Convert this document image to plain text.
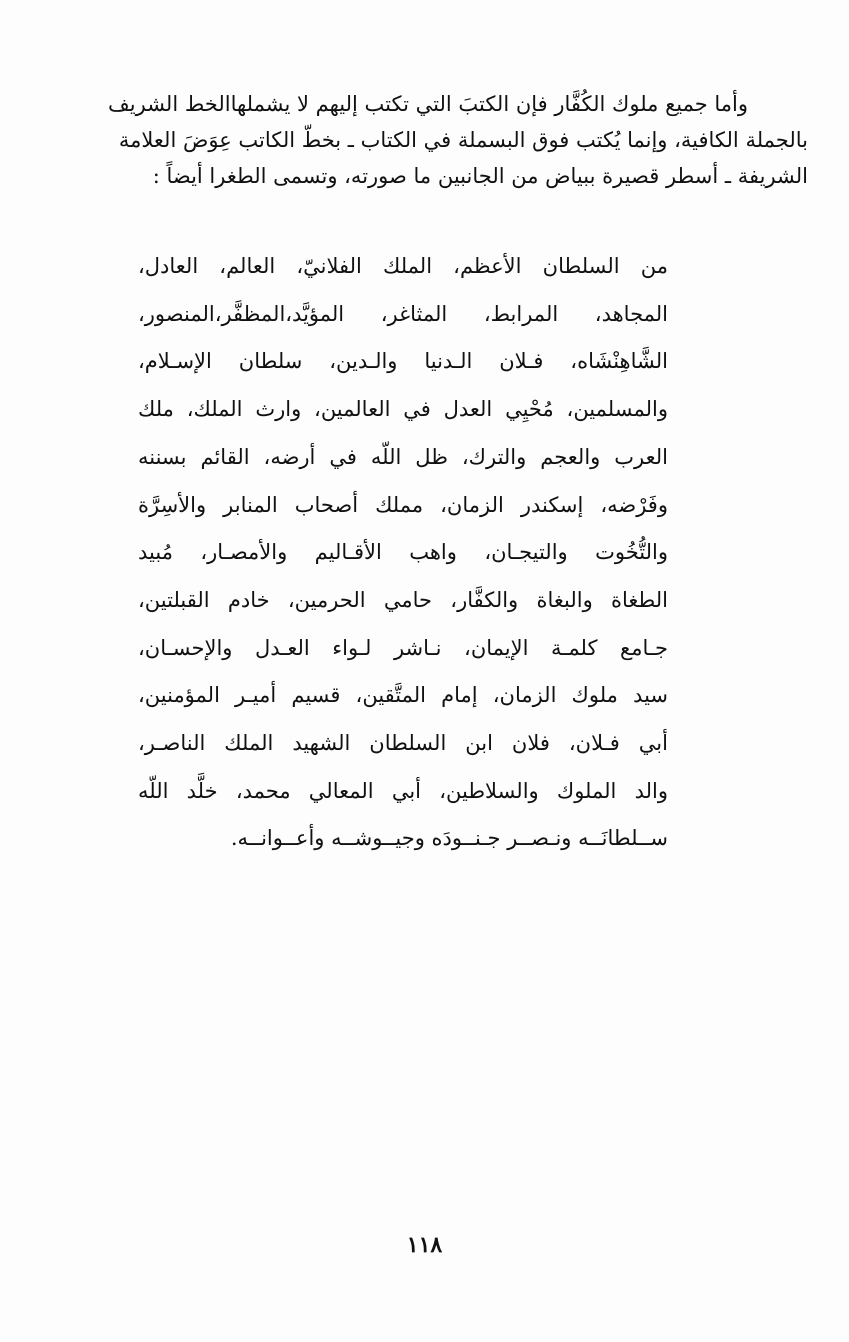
وأما جميع ملوك الكُفَّار فإن الكتبَ التي تكتب إليهم لا يشملهاالخط الشريف
بالجملة الكافية، وإنما يُكتب فوق البسملة في الكتاب ـ بخطّ الكاتب عِوَضَ العلامة
الشريفة ـ أسطر قصيرة ببياض من الجانبين ما صورته، وتسمى الطغرا أيضاً :
من السلطان الأعظم، الملك الفلانيّ، العالم، العادل،
المجاهد، المرابط، المثاغر، المؤيَّد،المظفَّر،المنصور،
الشَّاهِنْشَاه، فـلان الـدنيا والـدين، سلطان الإسـلام،
والمسلمين، مُحْيِي العدل في العالمين، وارث الملك، ملك
العرب والعجم والترك، ظل اللّه في أرضه، القائم بسننه
وفَرْضه، إسكندر الزمان، مملك أصحاب المنابر والأسِرَّة
والتُّخُوت والتيجـان، واهب الأقـاليم والأمصـار، مُبيد
الطغاة والبغاة والكفَّار، حامي الحرمين، خادم القبلتين،
جـامع كلمـة الإيمان، نـاشر لـواء العـدل والإحسـان،
سيد ملوك الزمان، إمام المتَّقين، قسيم أميـر المؤمنين،
أبي فـلان، فلان ابن السلطان الشهيد الملك الناصـر،
والد الملوك والسلاطين، أبي المعالي محمد، خلَّد اللّه
ســلطانَــه ونـصــر جـنــودَه وجيــوشــه وأعــوانــه.
١١٨
